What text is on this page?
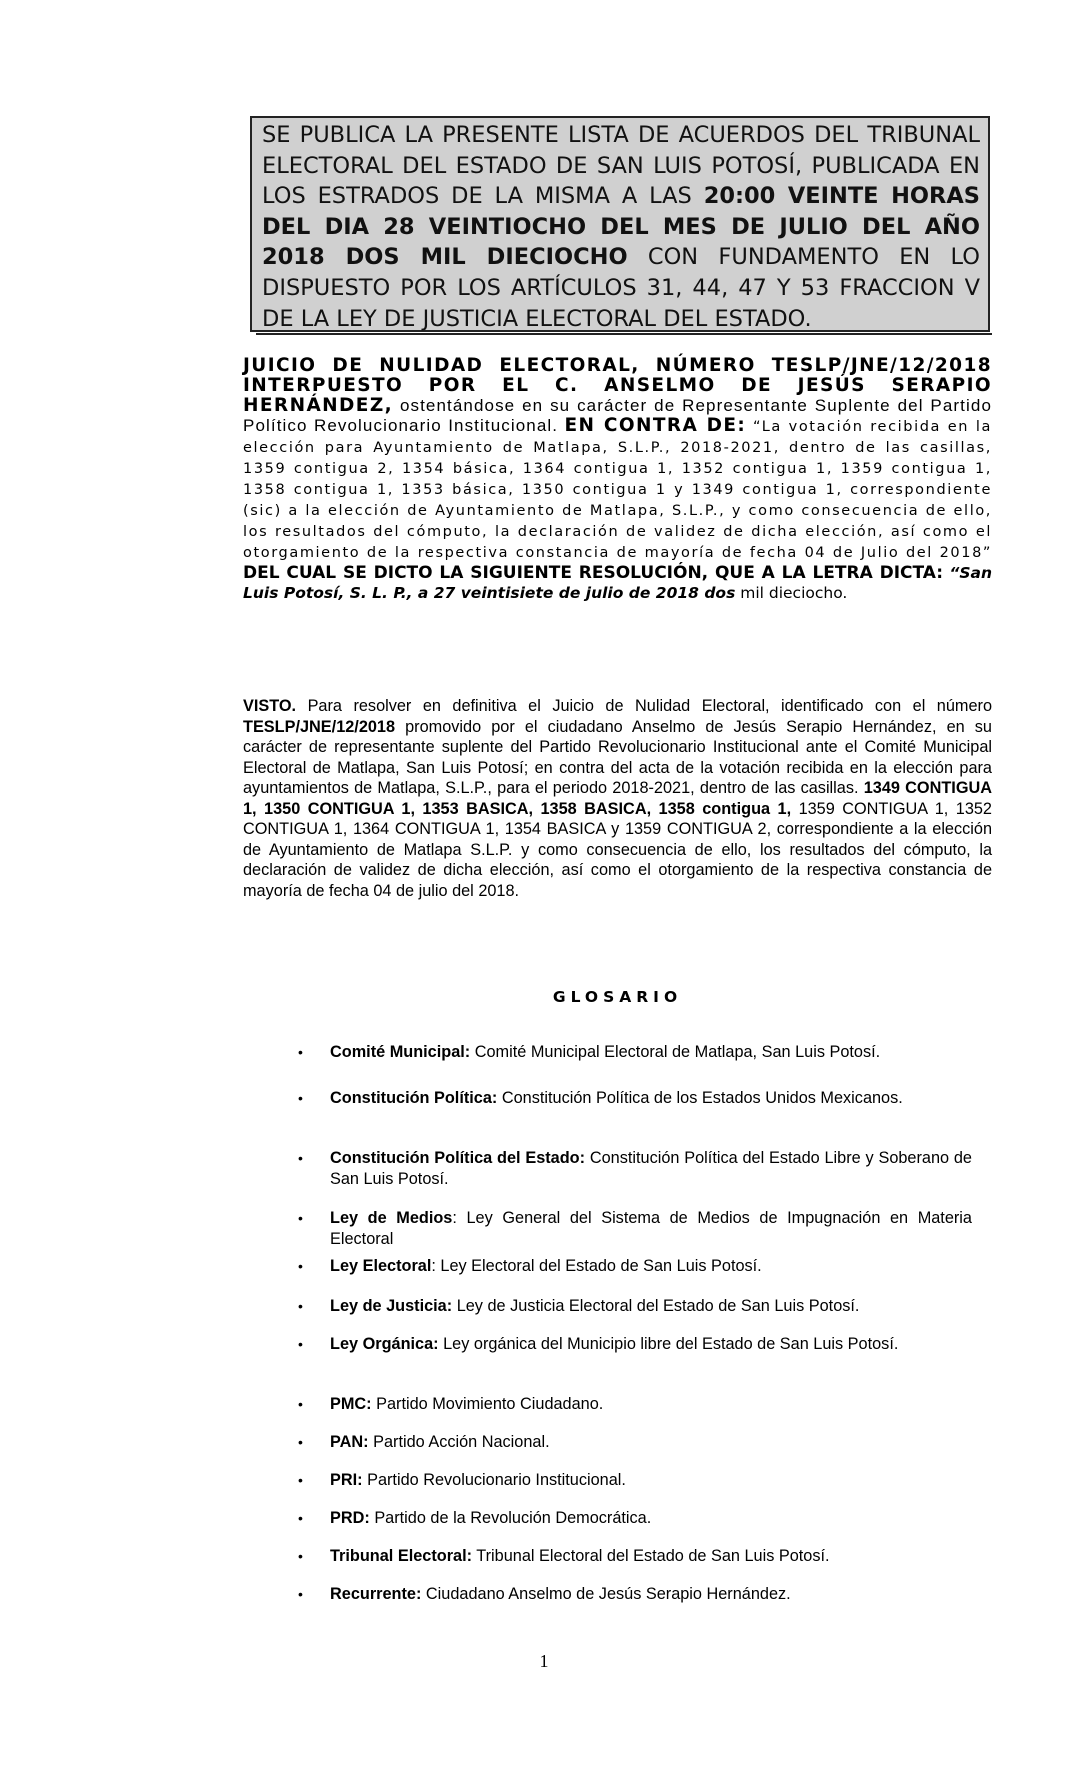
SE PUBLICA LA PRESENTE LISTA DE ACUERDOS DEL TRIBUNAL ELECTORAL DEL ESTADO DE SAN LUIS POTOSÍ, PUBLICADA EN LOS ESTRADOS DE LA MISMA A LAS 20:00 VEINTE HORAS DEL DIA 28 VEINTIOCHO DEL MES DE JULIO DEL AÑO 2018 DOS MIL DIECIOCHO CON FUNDAMENTO EN LO DISPUESTO POR LOS ARTÍCULOS 31, 44, 47 Y 53 FRACCION V DE LA LEY DE JUSTICIA ELECTORAL DEL ESTADO.
JUICIO DE NULIDAD ELECTORAL, NÚMERO TESLP/JNE/12/2018 INTERPUESTO POR EL C. ANSELMO DE JESÚS SERAPIO HERNÁNDEZ, ostentándose en su carácter de Representante Suplente del Partido Político Revolucionario Institucional. EN CONTRA DE: “La votación recibida en la elección para Ayuntamiento de Matlapa, S.L.P., 2018-2021, dentro de las casillas, 1359 contigua 2, 1354 básica, 1364 contigua 1, 1352 contigua 1, 1359 contigua 1, 1358 contigua 1, 1353 básica, 1350 contigua 1 y 1349 contigua 1, correspondiente (sic) a la elección de Ayuntamiento de Matlapa, S.L.P., y como consecuencia de ello, los resultados del cómputo, la declaración de validez de dicha elección, así como el otorgamiento de la respectiva constancia de mayoría de fecha 04 de Julio del 2018” DEL CUAL SE DICTO LA SIGUIENTE RESOLUCIÓN, QUE A LA LETRA DICTA: “San Luis Potosí, S. L. P., a 27 veintisiete de julio de 2018 dos mil dieciocho.
VISTO. Para resolver en definitiva el Juicio de Nulidad Electoral, identificado con el número TESLP/JNE/12/2018 promovido por el ciudadano Anselmo de Jesús Serapio Hernández, en su carácter de representante suplente del Partido Revolucionario Institucional ante el Comité Municipal Electoral de Matlapa, San Luis Potosí; en contra del acta de la votación recibida en la elección para ayuntamientos de Matlapa, S.L.P., para el periodo 2018-2021, dentro de las casillas. 1349 CONTIGUA 1, 1350 CONTIGUA 1, 1353 BASICA, 1358 BASICA, 1358 contigua 1, 1359 CONTIGUA 1, 1352 CONTIGUA 1, 1364 CONTIGUA 1, 1354 BASICA y 1359 CONTIGUA 2, correspondiente a la elección de Ayuntamiento de Matlapa S.L.P. y como consecuencia de ello, los resultados del cómputo, la declaración de validez de dicha elección, así como el otorgamiento de la respectiva constancia de mayoría de fecha 04 de julio del 2018.
GLOSARIO
• Comité Municipal: Comité Municipal Electoral de Matlapa, San Luis Potosí.
• Constitución Política: Constitución Política de los Estados Unidos Mexicanos.
• Constitución Política del Estado: Constitución Política del Estado Libre y Soberano de San Luis Potosí.
• Ley de Medios: Ley General del Sistema de Medios de Impugnación en Materia Electoral
• Ley Electoral: Ley Electoral del Estado de San Luis Potosí.
• Ley de Justicia: Ley de Justicia Electoral del Estado de San Luis Potosí.
• Ley Orgánica: Ley orgánica del Municipio libre del Estado de San Luis Potosí.
• PMC: Partido Movimiento Ciudadano.
• PAN: Partido Acción Nacional.
• PRI: Partido Revolucionario Institucional.
• PRD: Partido de la Revolución Democrática.
• Tribunal Electoral: Tribunal Electoral del Estado de San Luis Potosí.
• Recurrente: Ciudadano Anselmo de Jesús Serapio Hernández.
1
